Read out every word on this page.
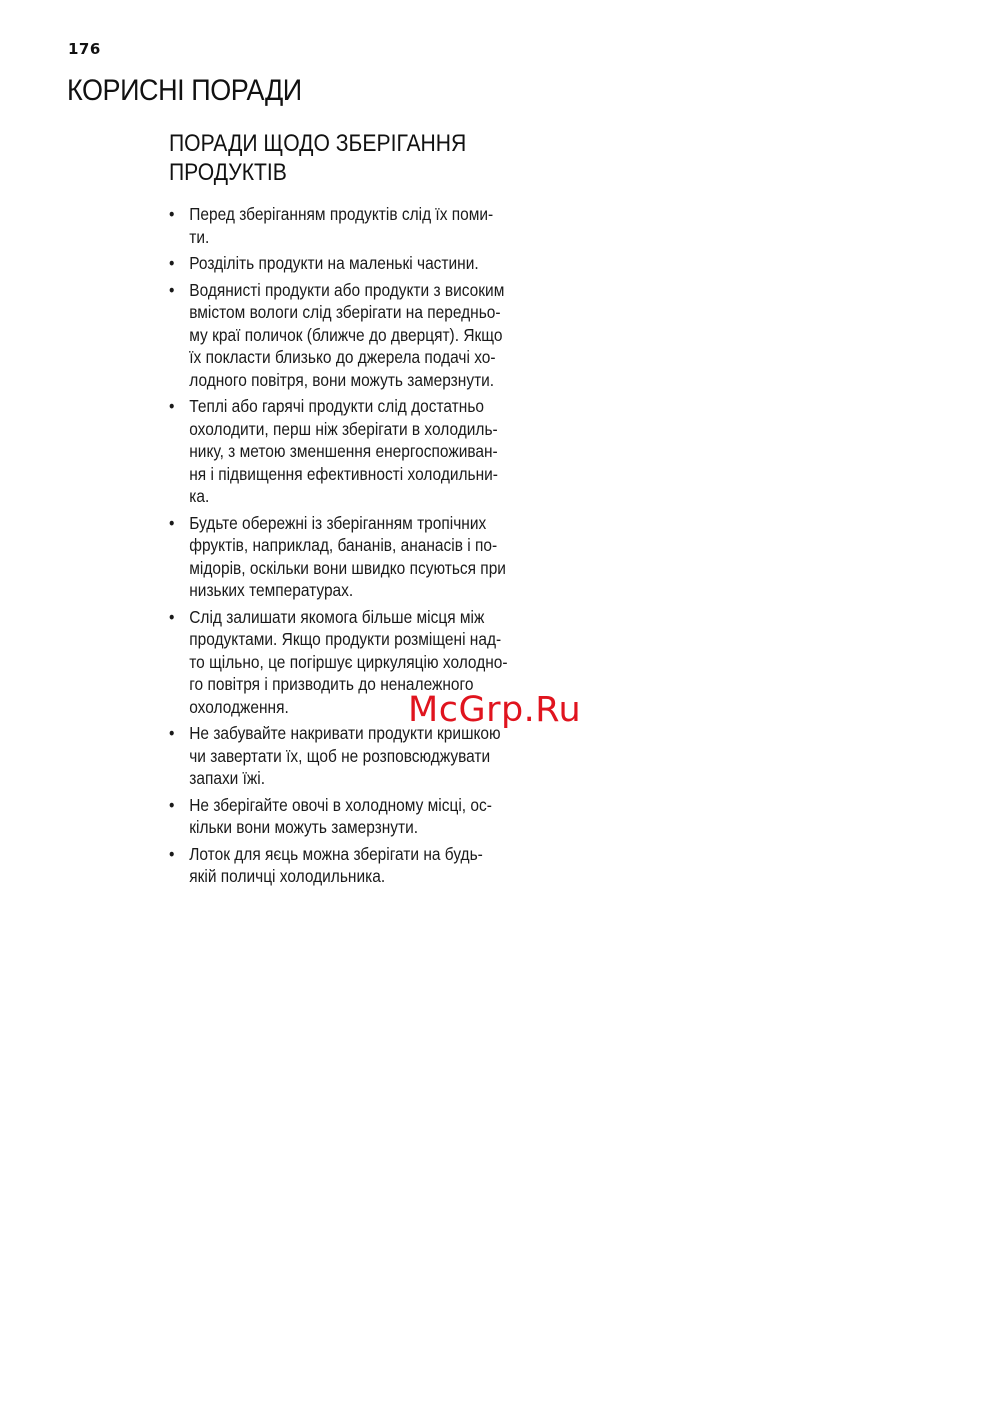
176
КОРИСНІ ПОРАДИ
ПОРАДИ ЩОДО ЗБЕРІГАННЯ
ПРОДУКТІВ
• Перед зберіганням продуктів слід їх поми-
ти.
• Розділіть продукти на маленькі частини.
• Водянисті продукти або продукти з високим
вмістом вологи слід зберігати на передньо-
му краї поличок (ближче до дверцят). Якщо
їх покласти близько до джерела подачі хо-
лодного повітря, вони можуть замерзнути.
• Теплі або гарячі продукти слід достатньо
охолодити, перш ніж зберігати в холодиль-
нику, з метою зменшення енергоспоживан-
ня і підвищення ефективності холодильни-
ка.
• Будьте обережні із зберіганням тропічних
фруктів, наприклад, бананів, ананасів і по-
мідорів, оскільки вони швидко псуються при
низьких температурах.
• Слід залишати якомога більше місця між
продуктами. Якщо продукти розміщені над-
то щільно, це погіршує циркуляцію холодно-
го повітря і призводить до неналежного
охолодження.
• Не забувайте накривати продукти кришкою
чи завертати їх, щоб не розповсюджувати
запахи їжі.
• Не зберігайте овочі в холодному місці, ос-
кільки вони можуть замерзнути.
• Лоток для яєць можна зберігати на будь-
якій поличці холодильника.
McGrp.Ru
